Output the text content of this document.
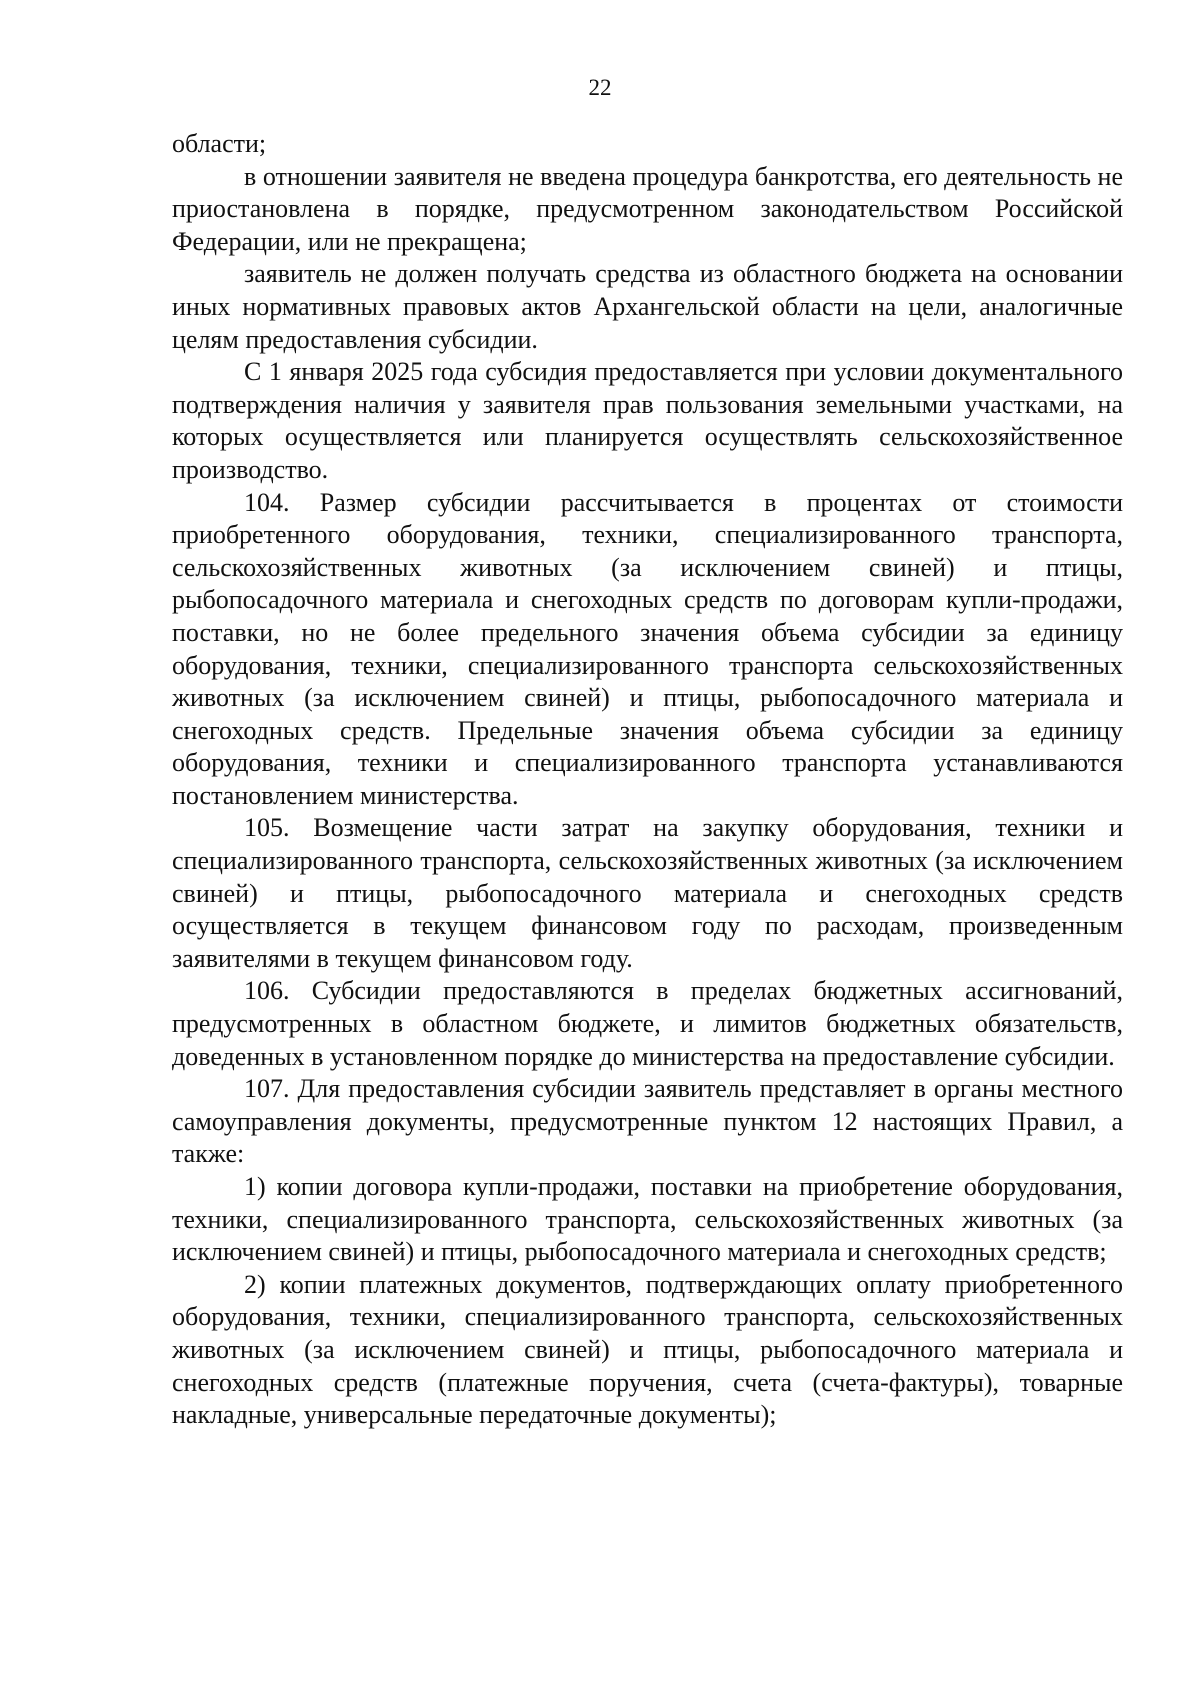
22

области;

в отношении заявителя не введена процедура банкротства, его деятельность не приостановлена в порядке, предусмотренном законодательством Российской Федерации, или не прекращена;

заявитель не должен получать средства из областного бюджета на основании иных нормативных правовых актов Архангельской области на цели, аналогичные целям предоставления субсидии.

С 1 января 2025 года субсидия предоставляется при условии документального подтверждения наличия у заявителя прав пользования земельными участками, на которых осуществляется или планируется осуществлять сельскохозяйственное производство.

104. Размер субсидии рассчитывается в процентах от стоимости приобретенного оборудования, техники, специализированного транспорта, сельскохозяйственных животных (за исключением свиней) и птицы, рыбопосадочного материала и снегоходных средств по договорам купли-продажи, поставки, но не более предельного значения объема субсидии за единицу оборудования, техники, специализированного транспорта сельскохозяйственных животных (за исключением свиней) и птицы, рыбопосадочного материала и снегоходных средств. Предельные значения объема субсидии за единицу оборудования, техники и специализированного транспорта устанавливаются постановлением министерства.

105. Возмещение части затрат на закупку оборудования, техники и специализированного транспорта, сельскохозяйственных животных (за исключением свиней) и птицы, рыбопосадочного материала и снегоходных средств осуществляется в текущем финансовом году по расходам, произведенным заявителями в текущем финансовом году.

106. Субсидии предоставляются в пределах бюджетных ассигнований, предусмотренных в областном бюджете, и лимитов бюджетных обязательств, доведенных в установленном порядке до министерства на предоставление субсидии.

107. Для предоставления субсидии заявитель представляет в органы местного самоуправления документы, предусмотренные пунктом 12 настоящих Правил, а также:

1) копии договора купли-продажи, поставки на приобретение оборудования, техники, специализированного транспорта, сельскохозяйственных животных (за исключением свиней) и птицы, рыбопосадочного материала и снегоходных средств;

2) копии платежных документов, подтверждающих оплату приобретенного оборудования, техники, специализированного транспорта, сельскохозяйственных животных (за исключением свиней) и птицы, рыбопосадочного материала и снегоходных средств (платежные поручения, счета (счета-фактуры), товарные накладные, универсальные передаточные документы);
